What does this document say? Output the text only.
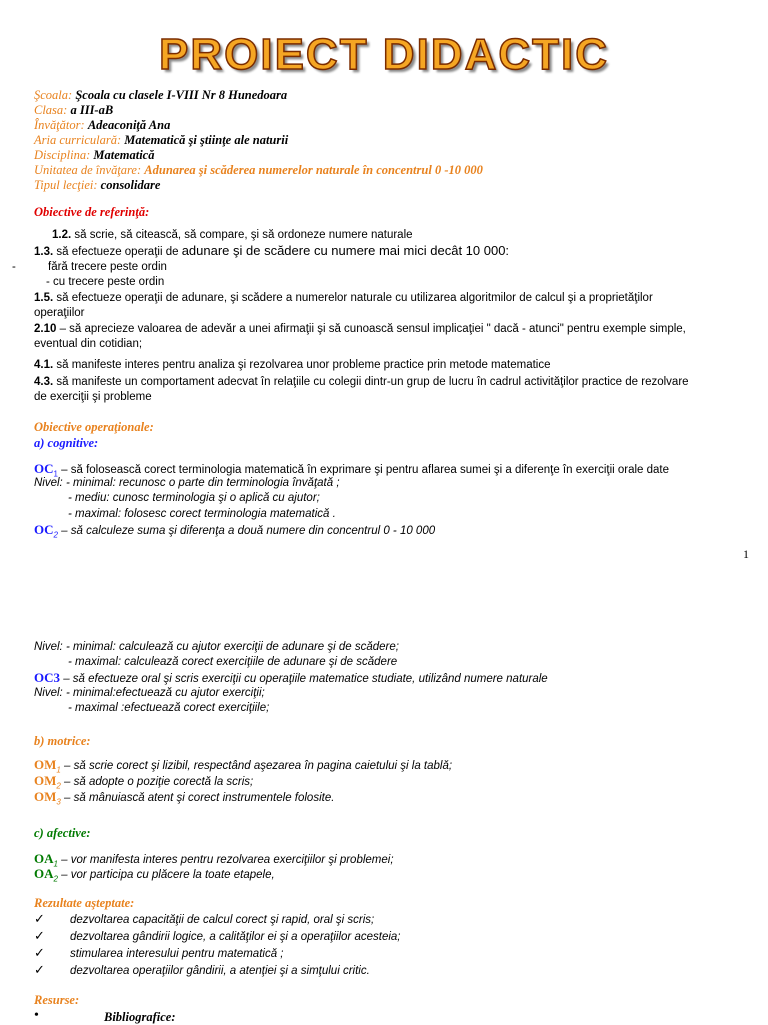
PROIECT DIDACTIC
Şcoala: Şcoala cu clasele I-VIII Nr 8 Hunedoara
Clasa: a III-aB
Învăţător: Adeaconiţă Ana
Aria curriculară: Matematică şi ştiinţe ale naturii
Disciplina: Matematică
Unitatea de învăţare: Adunarea şi scăderea numerelor naturale în concentrul 0 -10 000
Tipul lecţiei: consolidare
Obiective de referinţă:
1.2. să scrie, să citească, să compare, şi să ordoneze numere naturale
1.3. să efectueze operaţii de adunare şi de scădere cu numere mai mici decât 10 000:
-	fără trecere peste ordin
- cu trecere peste ordin
1.5. să efectueze operaţii de adunare, şi scădere a numerelor naturale cu utilizarea algoritmilor de calcul şi a proprietăţilor
operaţiilor
2.10 – să aprecieze valoarea de adevăr a unei afirmaţii şi să cunoască sensul implicaţiei " dacă - atunci" pentru exemple simple,
eventual din cotidian;
4.1. să manifeste interes pentru analiza şi rezolvarea unor probleme practice prin metode matematice
4.3. să manifeste un comportament adecvat în relaţiile cu colegii dintr-un grup de lucru în cadrul activităţilor practice de rezolvare
de exerciţii şi probleme
Obiective operaţionale:
a) cognitive:
$OC_1$ – să folosească corect terminologia matematică în exprimare şi pentru aflarea sumei şi a diferenţe în exerciţii orale date
Nivel: - minimal: recunosc o parte din terminologia învăţată ;
- mediu: cunosc terminologia şi o aplică cu ajutor;
- maximal: folosesc corect terminologia matematică .
$OC_2$ – să calculeze suma şi diferenţa a două numere din concentrul 0 - 10 000
1
Nivel: - minimal: calculează cu ajutor exerciţii de adunare şi de scădere;
- maximal: calculează corect exerciţiile de adunare şi de scădere
OC3 – să efectueze oral şi scris exerciţii cu operaţiile matematice studiate, utilizând numere naturale
Nivel: - minimal:efectuează cu ajutor exerciţii;
- maximal :efectuează corect exerciţiile;
b) motrice:
$OM_1$ – să scrie corect şi lizibil, respectând aşezarea în pagina caietului şi la tablă;
$OM_2$ – să adopte o poziţie corectă la scris;
$OM_3$ – să mânuiască atent şi corect instrumentele folosite.
c) afective:
$OA_1$ – vor manifesta interes pentru rezolvarea exerciţiilor şi problemei;
$OA_2$ – vor participa cu plăcere la toate etapele,
Rezultate aşteptate:
✓ dezvoltarea capacităţii de calcul corect şi rapid, oral şi scris;
✓ dezvoltarea gândirii logice, a calităţilor ei şi a operaţiilor acesteia;
✓ stimularea interesului pentru matematică ;
✓ dezvoltarea operaţiilor gândirii, a atenţiei şi a simţului critic.
Resurse:
•	Bibliografice:
